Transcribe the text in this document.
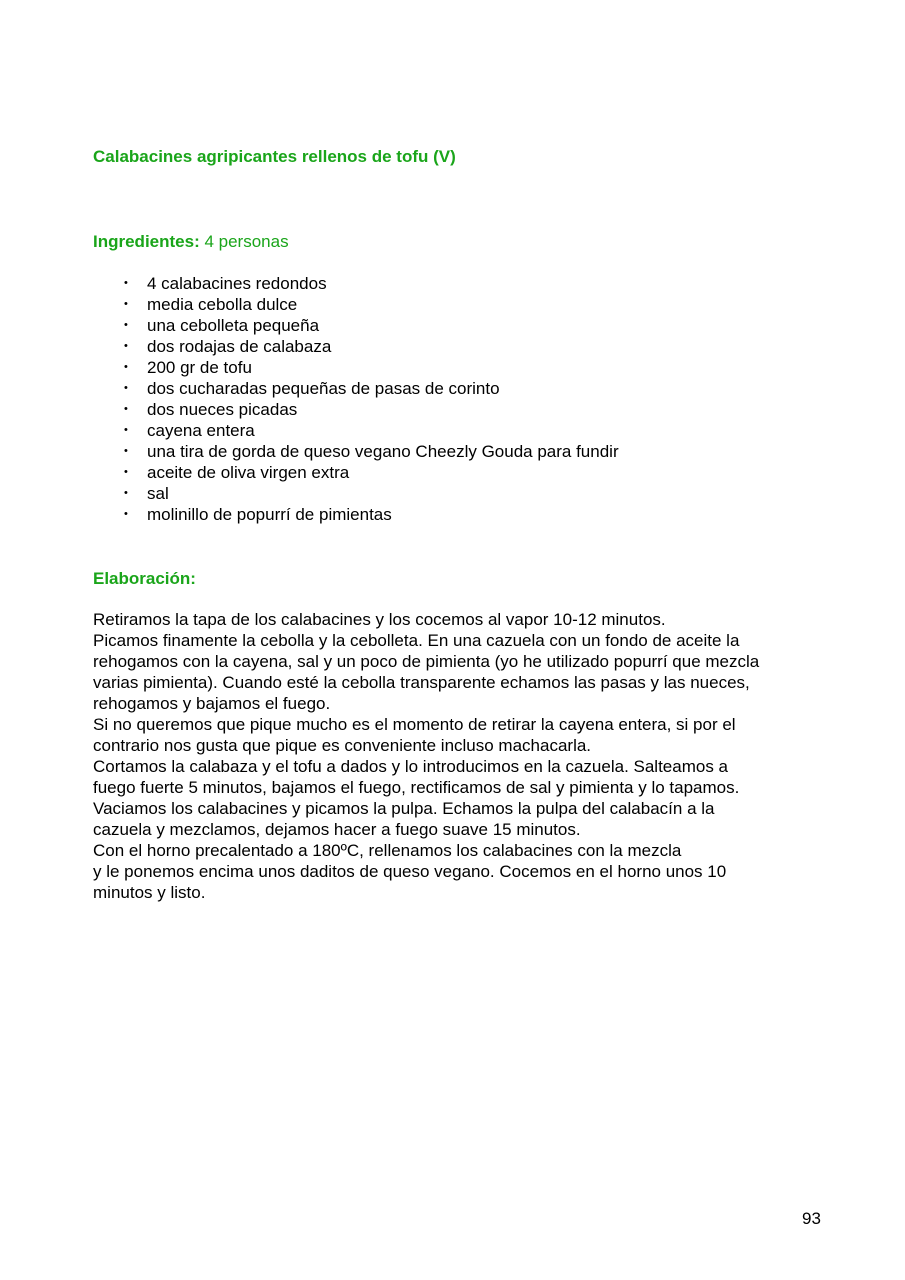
Calabacines agripicantes rellenos de tofu (V)
Ingredientes: 4 personas
• 4 calabacines redondos
• media cebolla dulce
• una cebolleta pequeña
• dos rodajas de calabaza
• 200 gr de tofu
• dos cucharadas pequeñas de pasas de corinto
• dos nueces picadas
• cayena entera
• una tira de gorda de queso vegano Cheezly Gouda para fundir
• aceite de oliva virgen extra
• sal
• molinillo de popurrí de pimientas
Elaboración:
Retiramos la tapa de los calabacines y los cocemos al vapor 10-12 minutos.
Picamos finamente la cebolla y la cebolleta. En una cazuela con un fondo de aceite la
rehogamos con la cayena, sal y un poco de pimienta (yo he utilizado popurrí que mezcla
varias pimienta). Cuando esté la cebolla transparente echamos las pasas y las nueces,
rehogamos y bajamos el fuego.
Si no queremos que pique mucho es el momento de retirar la cayena entera, si por el
contrario nos gusta que pique es conveniente incluso machacarla.
Cortamos la calabaza y el tofu a dados y lo introducimos en la cazuela. Salteamos a
fuego fuerte 5 minutos, bajamos el fuego, rectificamos de sal y pimienta y lo tapamos.
Vaciamos los calabacines y picamos la pulpa. Echamos la pulpa del calabacín a la
cazuela y mezclamos, dejamos hacer a fuego suave 15 minutos.
Con el horno precalentado a 180ºC, rellenamos los calabacines con la mezcla
y le ponemos encima unos daditos de queso vegano. Cocemos en el horno unos 10
minutos y listo.
93
